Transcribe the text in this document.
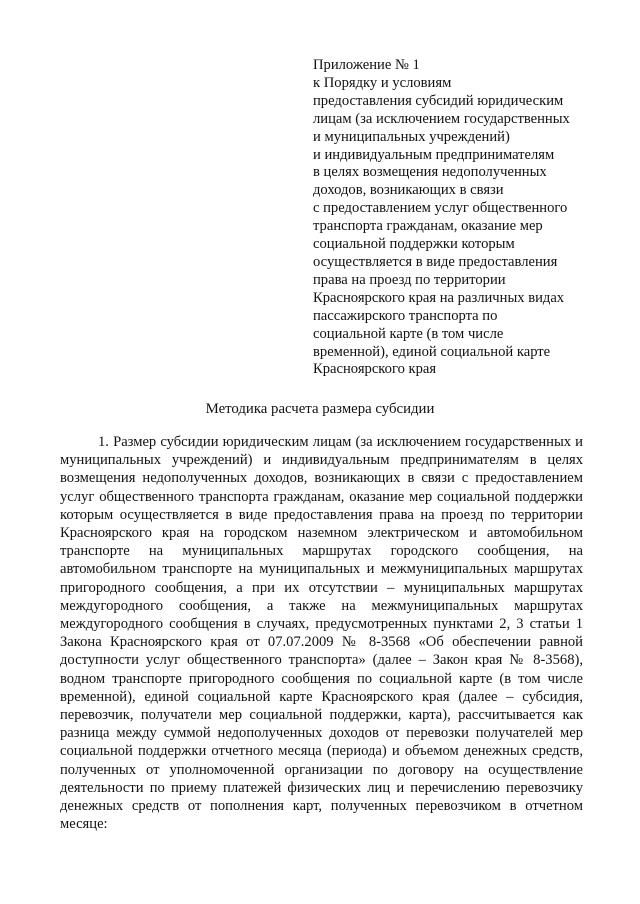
Приложение № 1
к Порядку и условиям
предоставления субсидий юридическим
лицам (за исключением государственных
и муниципальных учреждений)
и индивидуальным предпринимателям
в целях возмещения недополученных
доходов, возникающих в связи
с предоставлением услуг общественного
транспорта гражданам, оказание мер
социальной поддержки которым
осуществляется в виде предоставления
права на проезд по территории
Красноярского края на различных видах
пассажирского транспорта по
социальной карте (в том числе
временной), единой социальной карте
Красноярского края
Методика расчета размера субсидии

1. Размер субсидии юридическим лицам (за исключением государственных и муниципальных учреждений) и индивидуальным предпринимателям в целях возмещения недополученных доходов, возникающих в связи с предоставлением услуг общественного транспорта гражданам, оказание мер социальной поддержки которым осуществляется в виде предоставления права на проезд по территории Красноярского края на городском наземном электрическом и автомобильном транспорте на муниципальных маршрутах городского сообщения, на автомобильном транспорте на муниципальных и межмуниципальных маршрутах пригородного сообщения, а при их отсутствии – муниципальных маршрутах междугородного сообщения, а также на межмуниципальных маршрутах междугородного сообщения в случаях, предусмотренных пунктами 2, 3 статьи 1 Закона Красноярского края от 07.07.2009 № 8-3568 «Об обеспечении равной доступности услуг общественного транспорта» (далее – Закон края № 8-3568), водном транспорте пригородного сообщения по социальной карте (в том числе временной), единой социальной карте Красноярского края (далее – субсидия, перевозчик, получатели мер социальной поддержки, карта), рассчитывается как разница между суммой недополученных доходов от перевозки получателей мер социальной поддержки отчетного месяца (периода) и объемом денежных средств, полученных от уполномоченной организации по договору на осуществление деятельности по приему платежей физических лиц и перечислению перевозчику денежных средств от пополнения карт, полученных перевозчиком в отчетном месяце:
